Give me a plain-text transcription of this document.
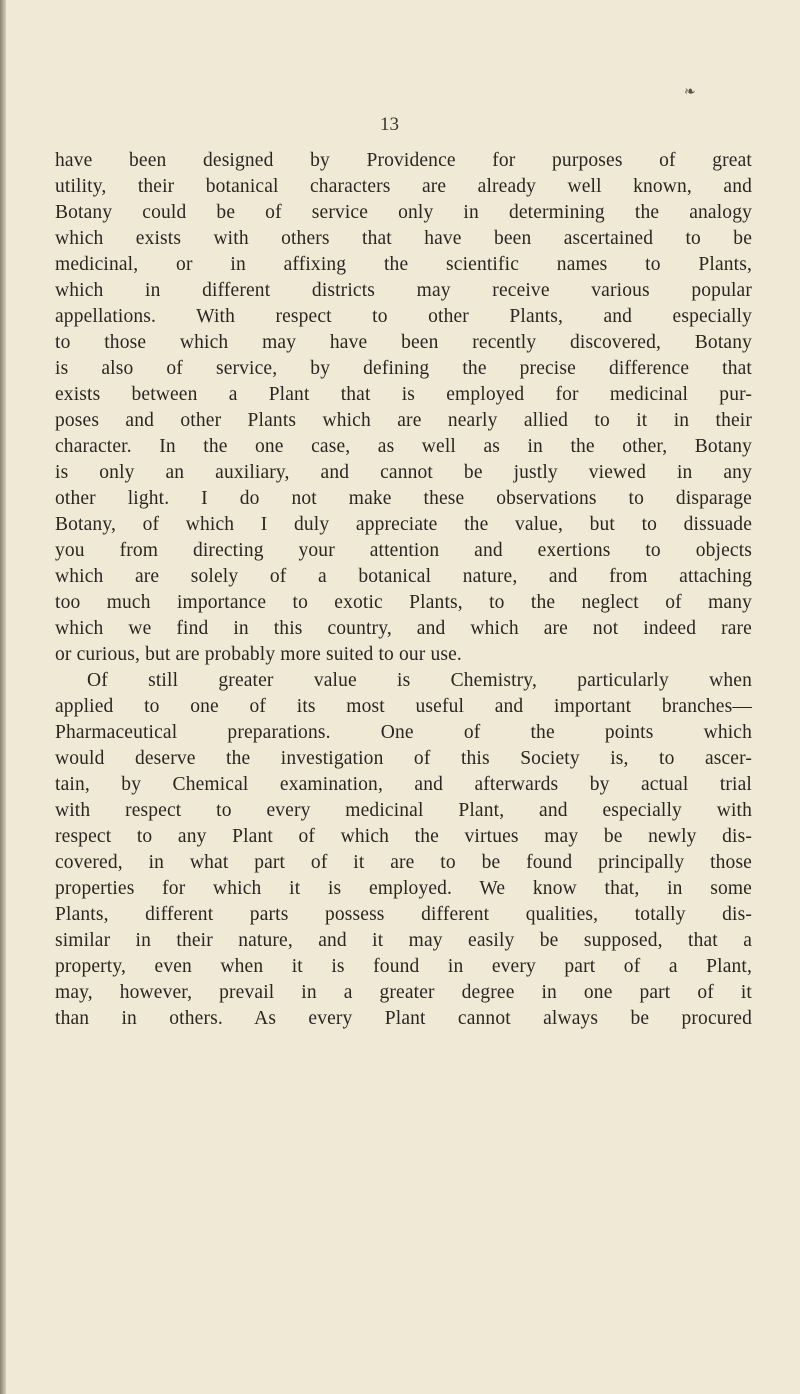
❧
13
have been designed by Providence for purposes of great
utility, their botanical characters are already well known, and
Botany could be of service only in determining the analogy
which exists with others that have been ascertained to be
medicinal, or in affixing the scientific names to Plants,
which in different districts may receive various popular
appellations. With respect to other Plants, and especially
to those which may have been recently discovered, Botany
is also of service, by defining the precise difference that
exists between a Plant that is employed for medicinal pur-
poses and other Plants which are nearly allied to it in their
character. In the one case, as well as in the other, Botany
is only an auxiliary, and cannot be justly viewed in any
other light. I do not make these observations to disparage
Botany, of which I duly appreciate the value, but to dissuade
you from directing your attention and exertions to objects
which are solely of a botanical nature, and from attaching
too much importance to exotic Plants, to the neglect of many
which we find in this country, and which are not indeed rare
or curious, but are probably more suited to our use.
Of still greater value is Chemistry, particularly when
applied to one of its most useful and important branches—
Pharmaceutical preparations. One of the points which
would deserve the investigation of this Society is, to ascer-
tain, by Chemical examination, and afterwards by actual trial
with respect to every medicinal Plant, and especially with
respect to any Plant of which the virtues may be newly dis-
covered, in what part of it are to be found principally those
properties for which it is employed. We know that, in some
Plants, different parts possess different qualities, totally dis-
similar in their nature, and it may easily be supposed, that a
property, even when it is found in every part of a Plant,
may, however, prevail in a greater degree in one part of it
than in others. As every Plant cannot always be procured
